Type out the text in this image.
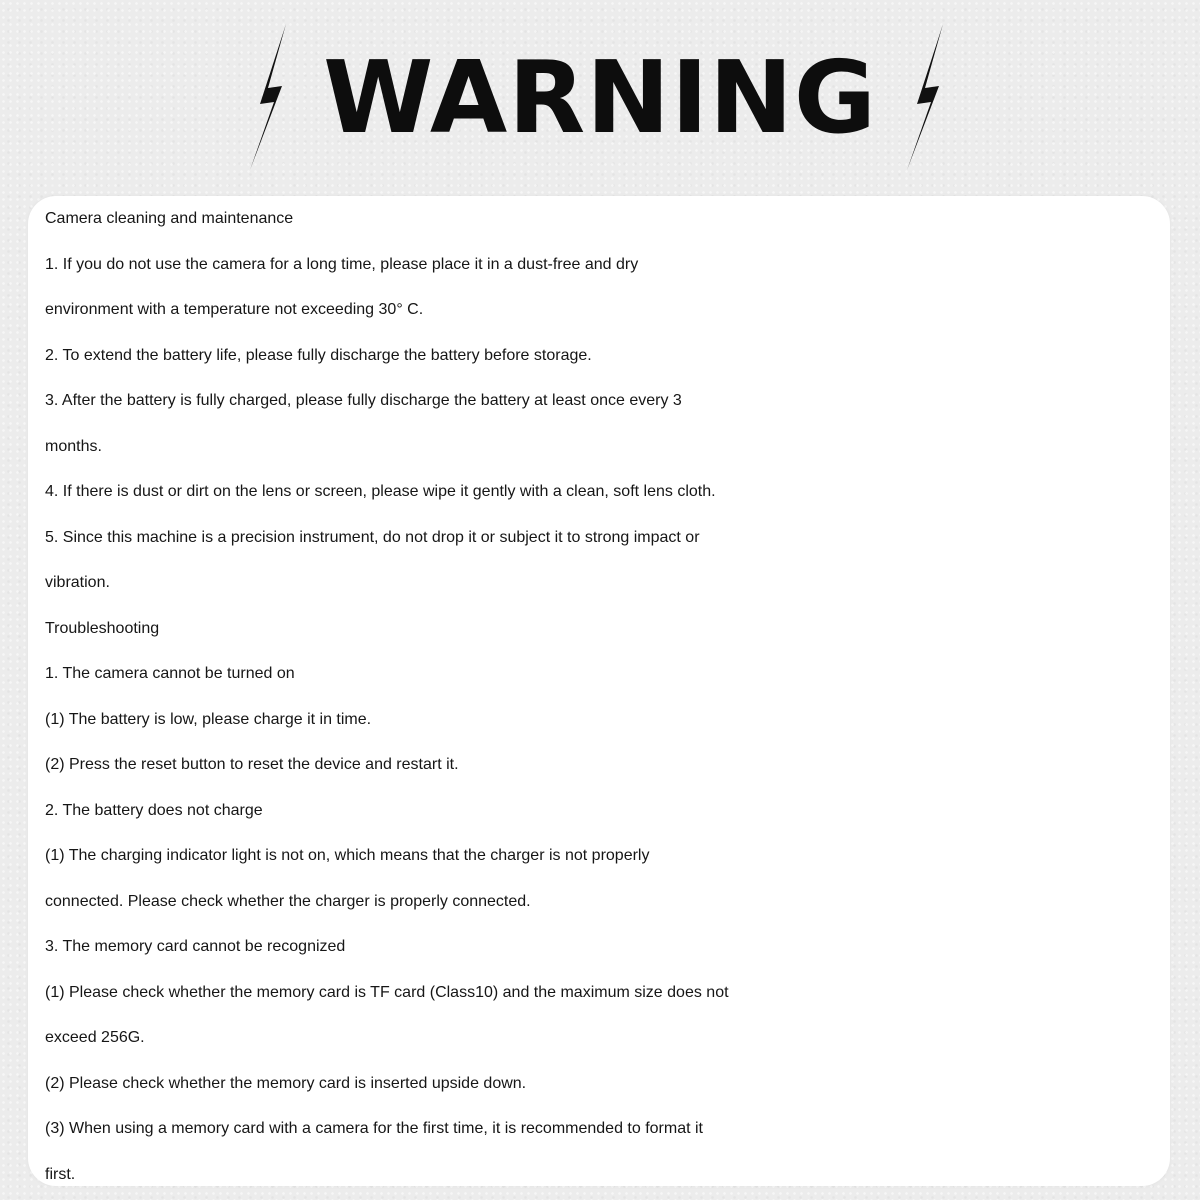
WARNING
Camera cleaning and maintenance
1. If you do not use the camera for a long time, please place it in a dust-free and dry
environment with a temperature not exceeding 30° C.
2. To extend the battery life, please fully discharge the battery before storage.
3. After the battery is fully charged, please fully discharge the battery at least once every 3
months.
4. If there is dust or dirt on the lens or screen, please wipe it gently with a clean, soft lens cloth.
5. Since this machine is a precision instrument, do not drop it or subject it to strong impact or
vibration.
Troubleshooting
1. The camera cannot be turned on
(1) The battery is low, please charge it in time.
(2) Press the reset button to reset the device and restart it.
2. The battery does not charge
(1) The charging indicator light is not on, which means that the charger is not properly
connected. Please check whether the charger is properly connected.
3. The memory card cannot be recognized
(1) Please check whether the memory card is TF card (Class10) and the maximum size does not
exceed 256G.
(2) Please check whether the memory card is inserted upside down.
(3) When using a memory card with a camera for the first time, it is recommended to format it
first.
